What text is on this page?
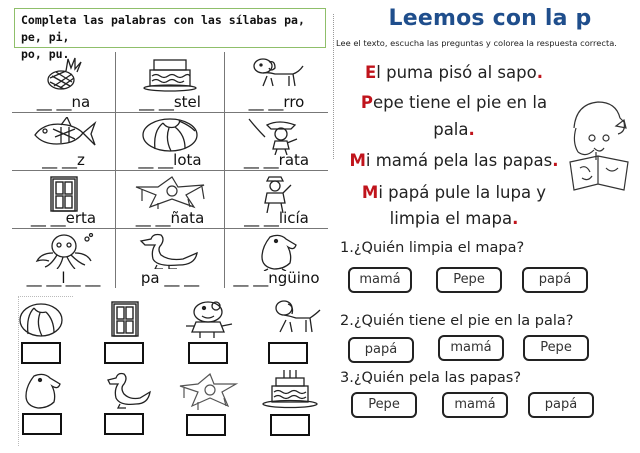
Completa las palabras con las sílabas pa, pe, pi,
po, pu.
__ __na	__ __stel	__ __rro
__ __z	__ __lota	__ __rata
__ __erta	__ __ñata	__ __licía
__ __l__ __	pa __ __	__ __ngüino
Leemos con la p
Lee el texto, escucha las preguntas y colorea la respuesta correcta.
El puma pisó al sapo.
Pepe tiene el pie en la
pala.
Mi mamá pela las papas.
Mi papá pule la lupa y
limpia el mapa.
1.¿Quién limpia el mapa?
mamá	Pepe	papá
2.¿Quién tiene el pie en la pala?
papá	mamá	Pepe
3.¿Quién pela las papas?
Pepe	mamá	papá
